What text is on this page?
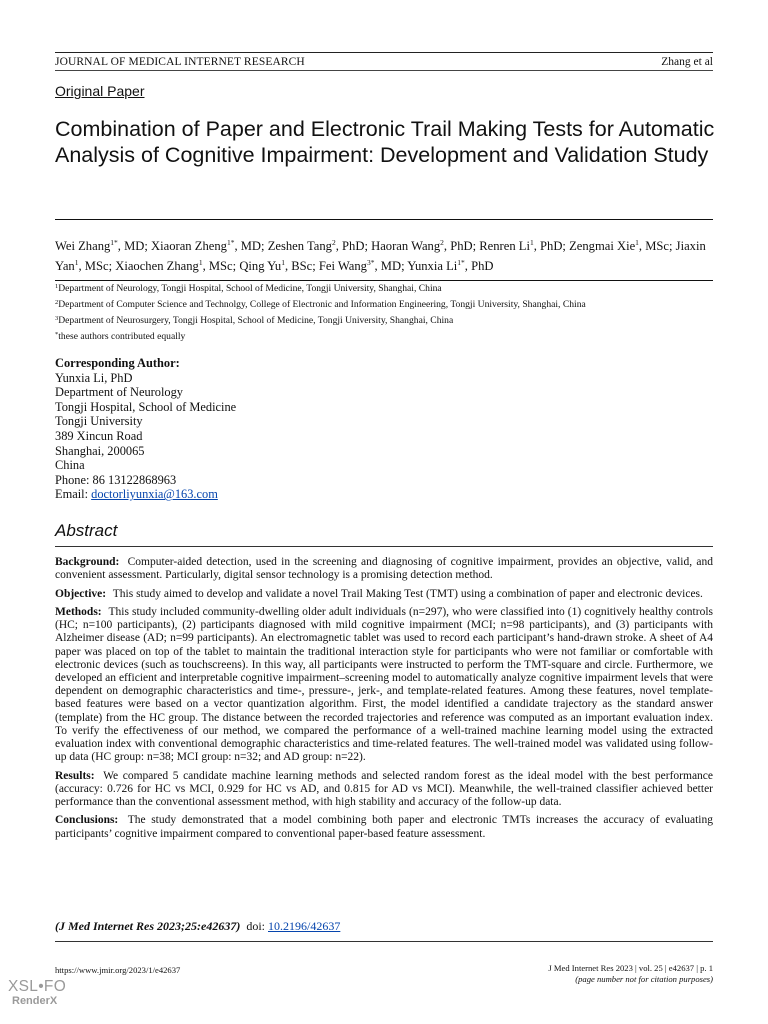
JOURNAL OF MEDICAL INTERNET RESEARCH	Zhang et al
Original Paper
Combination of Paper and Electronic Trail Making Tests for Automatic Analysis of Cognitive Impairment: Development and Validation Study
Wei Zhang$^{1*}$, MD; Xiaoran Zheng$^{1*}$, MD; Zeshen Tang$^2$, PhD; Haoran Wang$^2$, PhD; Renren Li$^1$, PhD; Zengmai Xie$^1$, MSc; Jiaxin Yan$^1$, MSc; Xiaochen Zhang$^1$, MSc; Qing Yu$^1$, BSc; Fei Wang$^{3*}$, MD; Yunxia $Li^{1*}$, PhD
$^1$Department of Neurology, Tongji Hospital, School of Medicine, Tongji University, Shanghai, China
$^2$Department of Computer Science and Technolgy, College of Electronic and Information Engineering, Tongji University, Shanghai, China
$^3$Department of Neurosurgery, Tongji Hospital, School of Medicine, Tongji University, Shanghai, China
*these authors contributed equally
Corresponding Author:
Yunxia Li, PhD
Department of Neurology
Tongji Hospital, School of Medicine
Tongji University
389 Xincun Road
Shanghai, 200065
China
Phone: 86 13122868963
Email: doctorliyunxia@163.com
Abstract

Background: Computer-aided detection, used in the screening and diagnosing of cognitive impairment, provides an objective, valid, and convenient assessment. Particularly, digital sensor technology is a promising detection method.

Objective: This study aimed to develop and validate a novel Trail Making Test (TMT) using a combination of paper and electronic devices.

Methods: This study included community-dwelling older adult individuals (n=297), who were classified into (1) cognitively healthy controls (HC; n=100 participants), (2) participants diagnosed with mild cognitive impairment (MCI; n=98 participants), and (3) participants with Alzheimer disease (AD; n=99 participants). An electromagnetic tablet was used to record each participant’s hand-drawn stroke. A sheet of A4 paper was placed on top of the tablet to maintain the traditional interaction style for participants who were not familiar or comfortable with electronic devices (such as touchscreens). In this way, all participants were instructed to perform the TMT-square and circle. Furthermore, we developed an efficient and interpretable cognitive impairment–screening model to automatically analyze cognitive impairment levels that were dependent on demographic characteristics and time-, pressure-, jerk-, and template-related features. Among these features, novel template-based features were based on a vector quantization algorithm. First, the model identified a candidate trajectory as the standard answer (template) from the HC group. The distance between the recorded trajectories and reference was computed as an important evaluation index. To verify the effectiveness of our method, we compared the performance of a well-trained machine learning model using the extracted evaluation index with conventional demographic characteristics and time-related features. The well-trained model was validated using follow-up data (HC group: n=38; MCI group: n=32; and AD group: n=22).

Results: We compared 5 candidate machine learning methods and selected random forest as the ideal model with the best performance (accuracy: 0.726 for HC vs MCI, 0.929 for HC vs AD, and 0.815 for AD vs MCI). Meanwhile, the well-trained classifier achieved better performance than the conventional assessment method, with high stability and accuracy of the follow-up data.

Conclusions: The study demonstrated that a model combining both paper and electronic TMTs increases the accuracy of evaluating participants’ cognitive impairment compared to conventional paper-based feature assessment.

(J Med Internet Res 2023;25:e42637) doi: 10.2196/42637
https://www.jmir.org/2023/1/e42637	J Med Internet Res 2023 | vol. 25 | e42637 | p. 1
(page number not for citation purposes)
XSL•FO
RenderX
